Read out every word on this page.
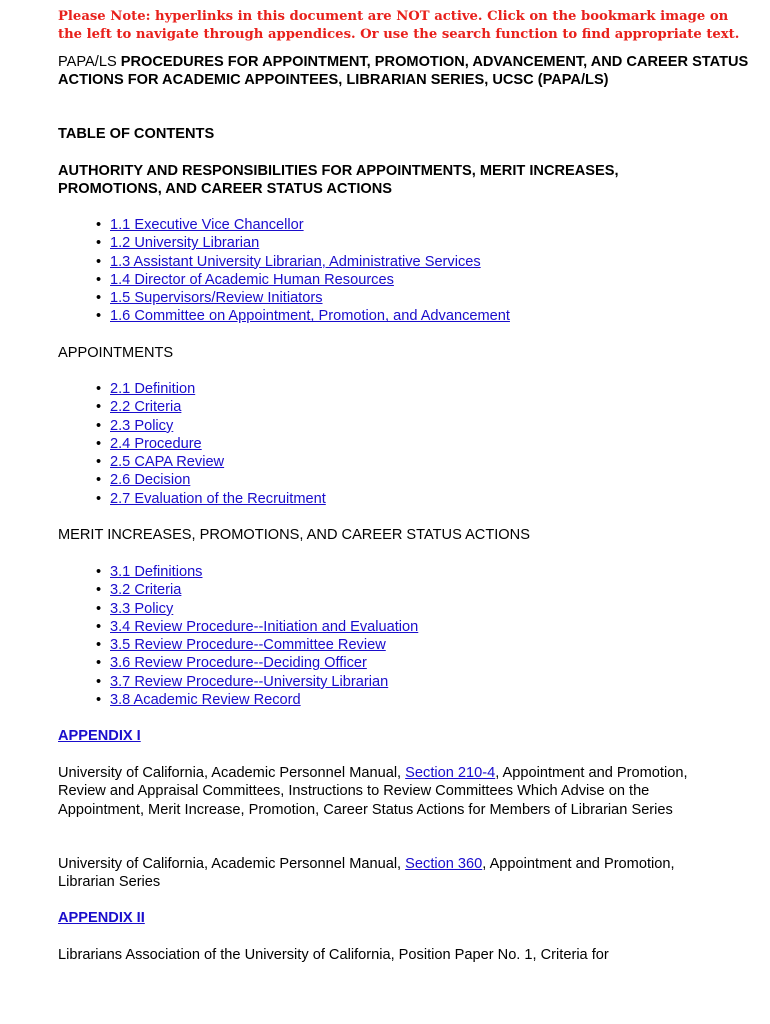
Please Note: hyperlinks in this document are NOT active. Click on the bookmark image on the left to navigate through appendices. Or use the search function to find appropriate text.
PAPA/LS PROCEDURES FOR APPOINTMENT, PROMOTION, ADVANCEMENT, AND CAREER STATUS ACTIONS FOR ACADEMIC APPOINTEES, LIBRARIAN SERIES, UCSC (PAPA/LS)
TABLE OF CONTENTS
AUTHORITY AND RESPONSIBILITIES FOR APPOINTMENTS, MERIT INCREASES, PROMOTIONS, AND CAREER STATUS ACTIONS
• 1.1 Executive Vice Chancellor
• 1.2 University Librarian
• 1.3 Assistant University Librarian, Administrative Services
• 1.4 Director of Academic Human Resources
• 1.5 Supervisors/Review Initiators
• 1.6 Committee on Appointment, Promotion, and Advancement
APPOINTMENTS
• 2.1 Definition
• 2.2 Criteria
• 2.3 Policy
• 2.4 Procedure
• 2.5 CAPA Review
• 2.6 Decision
• 2.7 Evaluation of the Recruitment
MERIT INCREASES, PROMOTIONS, AND CAREER STATUS ACTIONS
• 3.1 Definitions
• 3.2 Criteria
• 3.3 Policy
• 3.4 Review Procedure--Initiation and Evaluation
• 3.5 Review Procedure--Committee Review
• 3.6 Review Procedure--Deciding Officer
• 3.7 Review Procedure--University Librarian
• 3.8 Academic Review Record
APPENDIX I
University of California, Academic Personnel Manual, Section 210-4, Appointment and Promotion, Review and Appraisal Committees, Instructions to Review Committees Which Advise on the Appointment, Merit Increase, Promotion, Career Status Actions for Members of Librarian Series
University of California, Academic Personnel Manual, Section 360, Appointment and Promotion, Librarian Series
APPENDIX II
Librarians Association of the University of California, Position Paper No. 1, Criteria for
